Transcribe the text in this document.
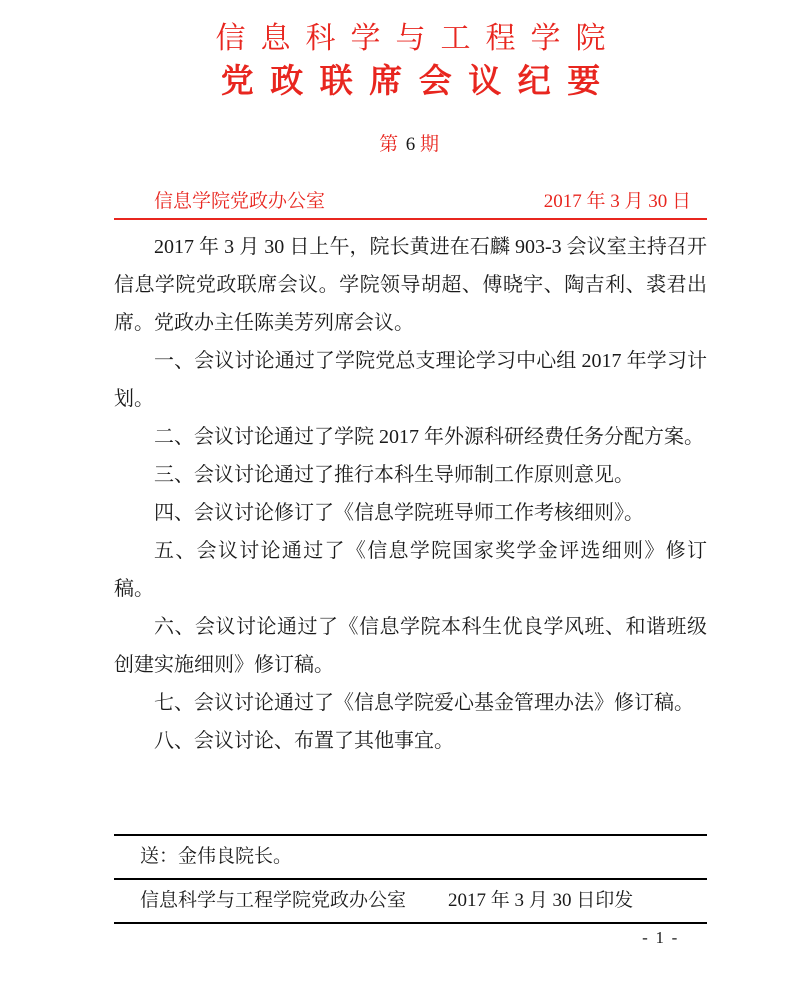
信息科学与工程学院
党政联席会议纪要
第 6 期
信息学院党政办公室	2017 年 3 月 30 日

2017 年 3 月 30 日上午，院长黄进在石麟 903-3 会议室主持召开信息学院党政联席会议。学院领导胡超、傅晓宇、陶吉利、裘君出席。党政办主任陈美芳列席会议。

一、会议讨论通过了学院党总支理论学习中心组 2017 年学习计划。

二、会议讨论通过了学院 2017 年外源科研经费任务分配方案。

三、会议讨论通过了推行本科生导师制工作原则意见。

四、会议讨论修订了《信息学院班导师工作考核细则》。

五、会议讨论通过了《信息学院国家奖学金评选细则》修订稿。

六、会议讨论通过了《信息学院本科生优良学风班、和谐班级创建实施细则》修订稿。

七、会议讨论通过了《信息学院爱心基金管理办法》修订稿。

八、会议讨论、布置了其他事宜。

送：金伟良院长。
信息科学与工程学院党政办公室 2017 年 3 月 30 日印发
- 1 -
